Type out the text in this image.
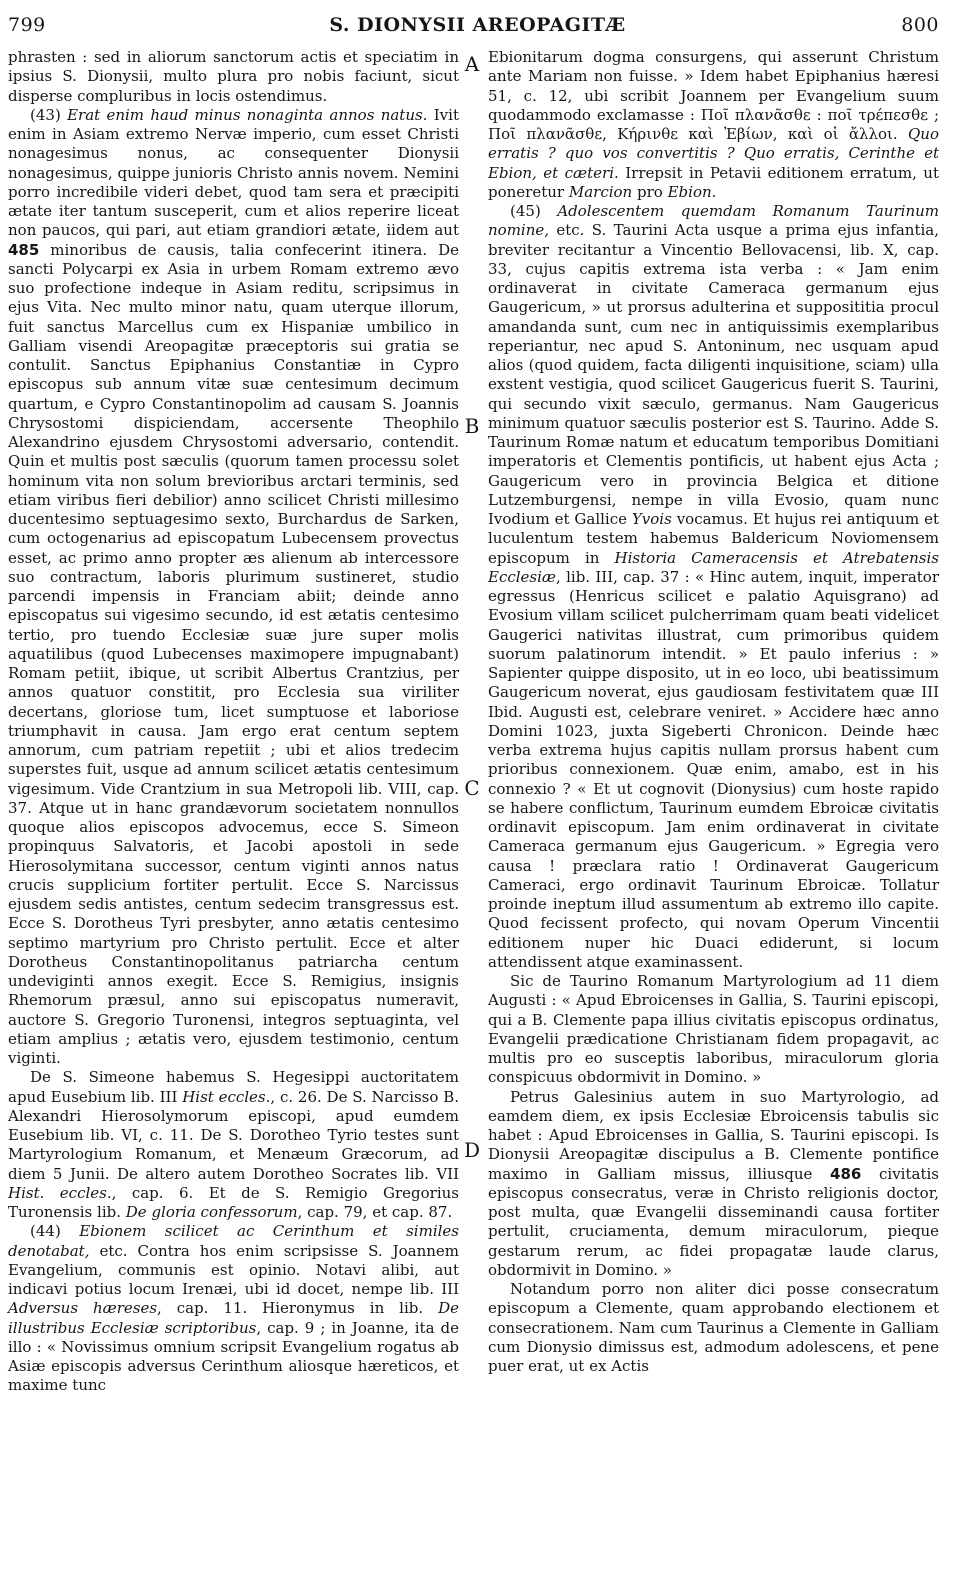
799	S. DIONYSII AREOPAGITÆ	800
A
B
C
D

phrasten : sed in aliorum sanctorum actis et speciatim in ipsius S. Dionysii, multo plura pro nobis faciunt, sicut disperse compluribus in locis ostendimus.

(43) Erat enim haud minus nonaginta annos natus. Ivit enim in Asiam extremo Nervæ imperio, cum esset Christi nonagesimus nonus, ac consequenter Dionysii nonagesimus, quippe junioris Christo annis novem. Nemini porro incredibile videri debet, quod tam sera et præcipiti ætate iter tantum susceperit, cum et alios reperire liceat non paucos, qui pari, aut etiam grandiori ætate, iidem aut 485 minoribus de causis, talia confecerint itinera. De sancti Polycarpi ex Asia in urbem Romam extremo ævo suo profectione indeque in Asiam reditu, scripsimus in ejus Vita. Nec multo minor natu, quam uterque illorum, fuit sanctus Marcellus cum ex Hispaniæ umbilico in Galliam visendi Areopagitæ præceptoris sui gratia se contulit. Sanctus Epiphanius Constantiæ in Cypro episcopus sub annum vitæ suæ centesimum decimum quartum, e Cypro Constantinopolim ad causam S. Joannis Chrysostomi dispiciendam, accersente Theophilo Alexandrino ejusdem Chrysostomi adversario, contendit. Quin et multis post sæculis (quorum tamen processu solet hominum vita non solum brevioribus arctari terminis, sed etiam viribus fieri debilior) anno scilicet Christi millesimo ducentesimo septuagesimo sexto, Burchardus de Sarken, cum octogenarius ad episcopatum Lubecensem provectus esset, ac primo anno propter æs alienum ab intercessore suo contractum, laboris plurimum sustineret, studio parcendi impensis in Franciam abiit; deinde anno episcopatus sui vigesimo secundo, id est ætatis centesimo tertio, pro tuendo Ecclesiæ suæ jure super molis aquatilibus (quod Lubecenses maximopere impugnabant) Romam petiit, ibique, ut scribit Albertus Crantzius, per annos quatuor constitit, pro Ecclesia sua viriliter decertans, gloriose tum, licet sumptuose et laboriose triumphavit in causa. Jam ergo erat centum septem annorum, cum patriam repetiit ; ubi et alios tredecim superstes fuit, usque ad annum scilicet ætatis centesimum vigesimum. Vide Crantzium in sua Metropoli lib. VIII, cap. 37. Atque ut in hanc grandævorum societatem nonnullos quoque alios episcopos advocemus, ecce S. Simeon propinquus Salvatoris, et Jacobi apostoli in sede Hierosolymitana successor, centum viginti annos natus crucis supplicium fortiter pertulit. Ecce S. Narcissus ejusdem sedis antistes, centum sedecim transgressus est. Ecce S. Dorotheus Tyri presbyter, anno ætatis centesimo septimo martyrium pro Christo pertulit. Ecce et alter Dorotheus Constantinopolitanus patriarcha centum undeviginti annos exegit. Ecce S. Remigius, insignis Rhemorum præsul, anno sui episcopatus numeravit, auctore S. Gregorio Turonensi, integros septuaginta, vel etiam amplius ; ætatis vero, ejusdem testimonio, centum viginti.

De S. Simeone habemus S. Hegesippi auctoritatem apud Eusebium lib. III Hist eccles., c. 26. De S. Narcisso B. Alexandri Hierosolymorum episcopi, apud eumdem Eusebium lib. VI, c. 11. De S. Dorotheo Tyrio testes sunt Martyrologium Romanum, et Menæum Græcorum, ad diem 5 Junii. De altero autem Dorotheo Socrates lib. VII Hist. eccles., cap. 6. Et de S. Remigio Gregorius Turonensis lib. De gloria confessorum, cap. 79, et cap. 87.

(44) Ebionem scilicet ac Cerinthum et similes denotabat, etc. Contra hos enim scripsisse S. Joannem Evangelium, communis est opinio. Notavi alibi, aut indicavi potius locum Irenæi, ubi id docet, nempe lib. III Adversus hæreses, cap. 11. Hieronymus in lib. De illustribus Ecclesiæ scriptoribus, cap. 9 ; in Joanne, ita de illo : « Novissimus omnium scripsit Evangelium rogatus ab Asiæ episcopis adversus Cerinthum aliosque hæreticos, et maxime tunc

Ebionitarum dogma consurgens, qui asserunt Christum ante Mariam non fuisse. » Idem habet Epiphanius hæresi 51, c. 12, ubi scribit Joannem per Evangelium suum quodammodo exclamasse : Ποῖ πλανᾶσθε : ποῖ τρέπεσθε ; Ποῖ πλανᾶσθε, Κήρινθε καὶ Ἐβίων, καὶ οἱ ἄλλοι. Quo erratis ? quo vos convertitis ? Quo erratis, Cerinthe et Ebion, et cæteri. Irrepsit in Petavii editionem erratum, ut poneretur Marcion pro Ebion.

(45) Adolescentem quemdam Romanum Taurinum nomine, etc. S. Taurini Acta usque a prima ejus infantia, breviter recitantur a Vincentio Bellovacensi, lib. X, cap. 33, cujus capitis extrema ista verba : « Jam enim ordinaverat in civitate Cameraca germanum ejus Gaugericum, » ut prorsus adulterina et supposititia procul amandanda sunt, cum nec in antiquissimis exemplaribus reperiantur, nec apud S. Antoninum, nec usquam apud alios (quod quidem, facta diligenti inquisitione, sciam) ulla exstent vestigia, quod scilicet Gaugericus fuerit S. Taurini, qui secundo vixit sæculo, germanus. Nam Gaugericus minimum quatuor sæculis posterior est S. Taurino. Adde S. Taurinum Romæ natum et educatum temporibus Domitiani imperatoris et Clementis pontificis, ut habent ejus Acta ; Gaugericum vero in provincia Belgica et ditione Lutzemburgensi, nempe in villa Evosio, quam nunc Ivodium et Gallice Yvois vocamus. Et hujus rei antiquum et luculentum testem habemus Baldericum Noviomensem episcopum in Historia Cameracensis et Atrebatensis Ecclesiæ, lib. III, cap. 37 : « Hinc autem, inquit, imperator egressus (Henricus scilicet e palatio Aquisgrano) ad Evosium villam scilicet pulcherrimam quam beati videlicet Gaugerici nativitas illustrat, cum primoribus quidem suorum palatinorum intendit. » Et paulo inferius : » Sapienter quippe disposito, ut in eo loco, ubi beatissimum Gaugericum noverat, ejus gaudiosam festivitatem quæ III Ibid. Augusti est, celebrare veniret. » Accidere hæc anno Domini 1023, juxta Sigeberti Chronicon. Deinde hæc verba extrema hujus capitis nullam prorsus habent cum prioribus connexionem. Quæ enim, amabo, est in his connexio ? « Et ut cognovit (Dionysius) cum hoste rapido se habere conflictum, Taurinum eumdem Ebroicæ civitatis ordinavit episcopum. Jam enim ordinaverat in civitate Cameraca germanum ejus Gaugericum. » Egregia vero causa ! præclara ratio ! Ordinaverat Gaugericum Cameraci, ergo ordinavit Taurinum Ebroicæ. Tollatur proinde ineptum illud assumentum ab extremo illo capite. Quod fecissent profecto, qui novam Operum Vincentii editionem nuper hic Duaci ediderunt, si locum attendissent atque examinassent.

Sic de Taurino Romanum Martyrologium ad 11 diem Augusti : « Apud Ebroicenses in Gallia, S. Taurini episcopi, qui a B. Clemente papa illius civitatis episcopus ordinatus, Evangelii prædicatione Christianam fidem propagavit, ac multis pro eo susceptis laboribus, miraculorum gloria conspicuus obdormivit in Domino. »

Petrus Galesinius autem in suo Martyrologio, ad eamdem diem, ex ipsis Ecclesiæ Ebroicensis tabulis sic habet : Apud Ebroicenses in Gallia, S. Taurini episcopi. Is Dionysii Areopagitæ discipulus a B. Clemente pontifice maximo in Galliam missus, illiusque 486 civitatis episcopus consecratus, veræ in Christo religionis doctor, post multa, quæ Evangelii disseminandi causa fortiter pertulit, cruciamenta, demum miraculorum, pieque gestarum rerum, ac fidei propagatæ laude clarus, obdormivit in Domino. »

Notandum porro non aliter dici posse consecratum episcopum a Clemente, quam approbando electionem et consecrationem. Nam cum Taurinus a Clemente in Galliam cum Dionysio dimissus est, admodum adolescens, et pene puer erat, ut ex Actis
